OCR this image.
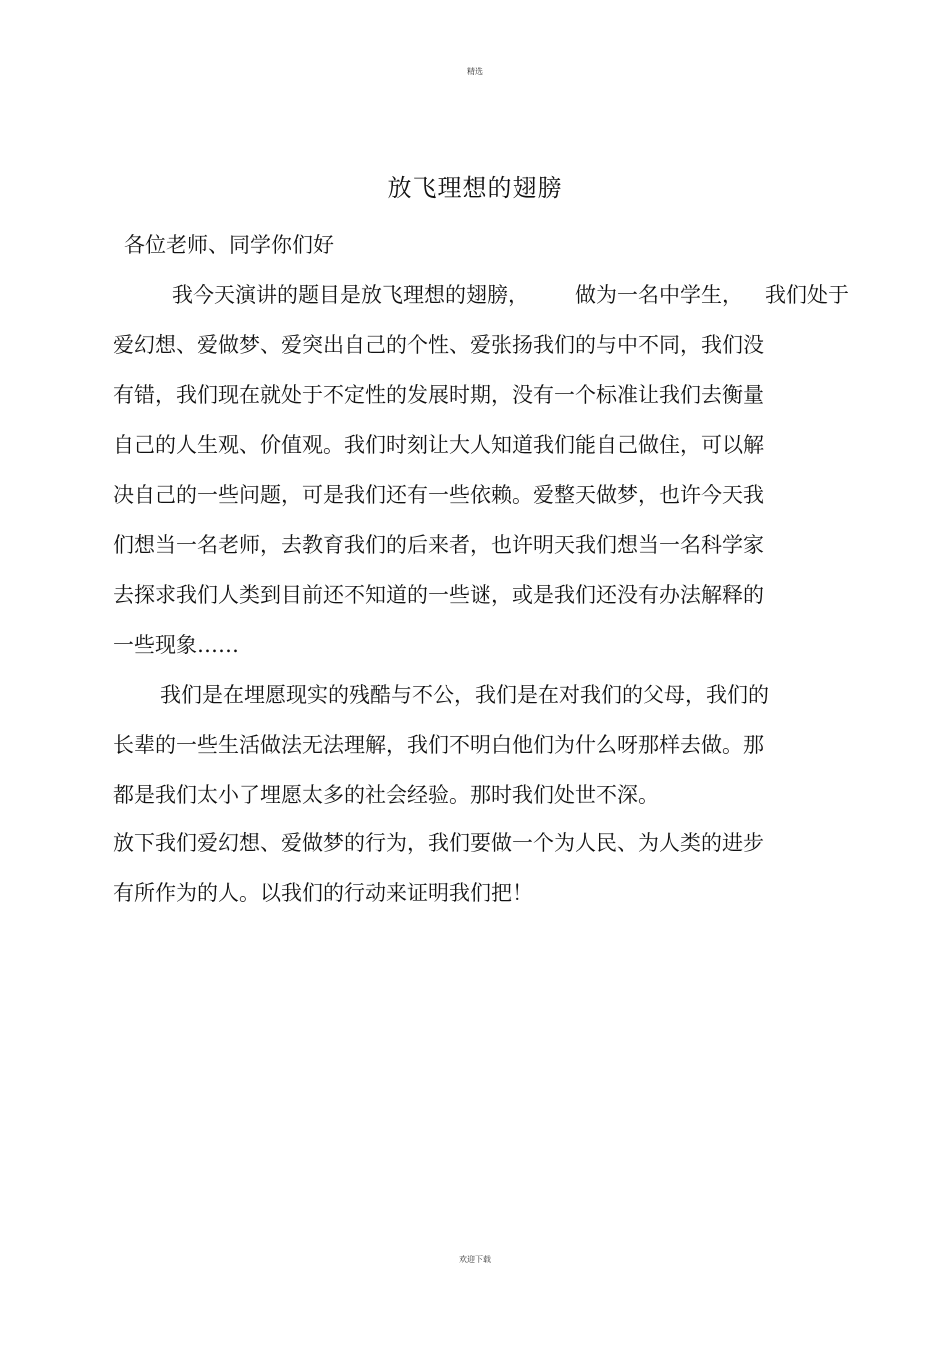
精选
放飞理想的翅膀
各位老师、同学你们好
我今天演讲的题目是放飞理想的翅膀， 做为一名中学生， 我们处于
爱幻想、爱做梦、爱突出自己的个性、爱张扬我们的与中不同，我们没
有错，我们现在就处于不定性的发展时期，没有一个标准让我们去衡量
自己的人生观、价值观。我们时刻让大人知道我们能自己做住，可以解
决自己的一些问题，可是我们还有一些依赖。爱整天做梦，也许今天我
们想当一名老师，去教育我们的后来者，也许明天我们想当一名科学家
去探求我们人类到目前还不知道的一些谜，或是我们还没有办法解释的
一些现象……
我们是在埋愿现实的残酷与不公，我们是在对我们的父母，我们的
长辈的一些生活做法无法理解，我们不明白他们为什么呀那样去做。那
都是我们太小了埋愿太多的社会经验。那时我们处世不深。
放下我们爱幻想、爱做梦的行为，我们要做一个为人民、为人类的进步
有所作为的人。以我们的行动来证明我们把！
欢迎下载
